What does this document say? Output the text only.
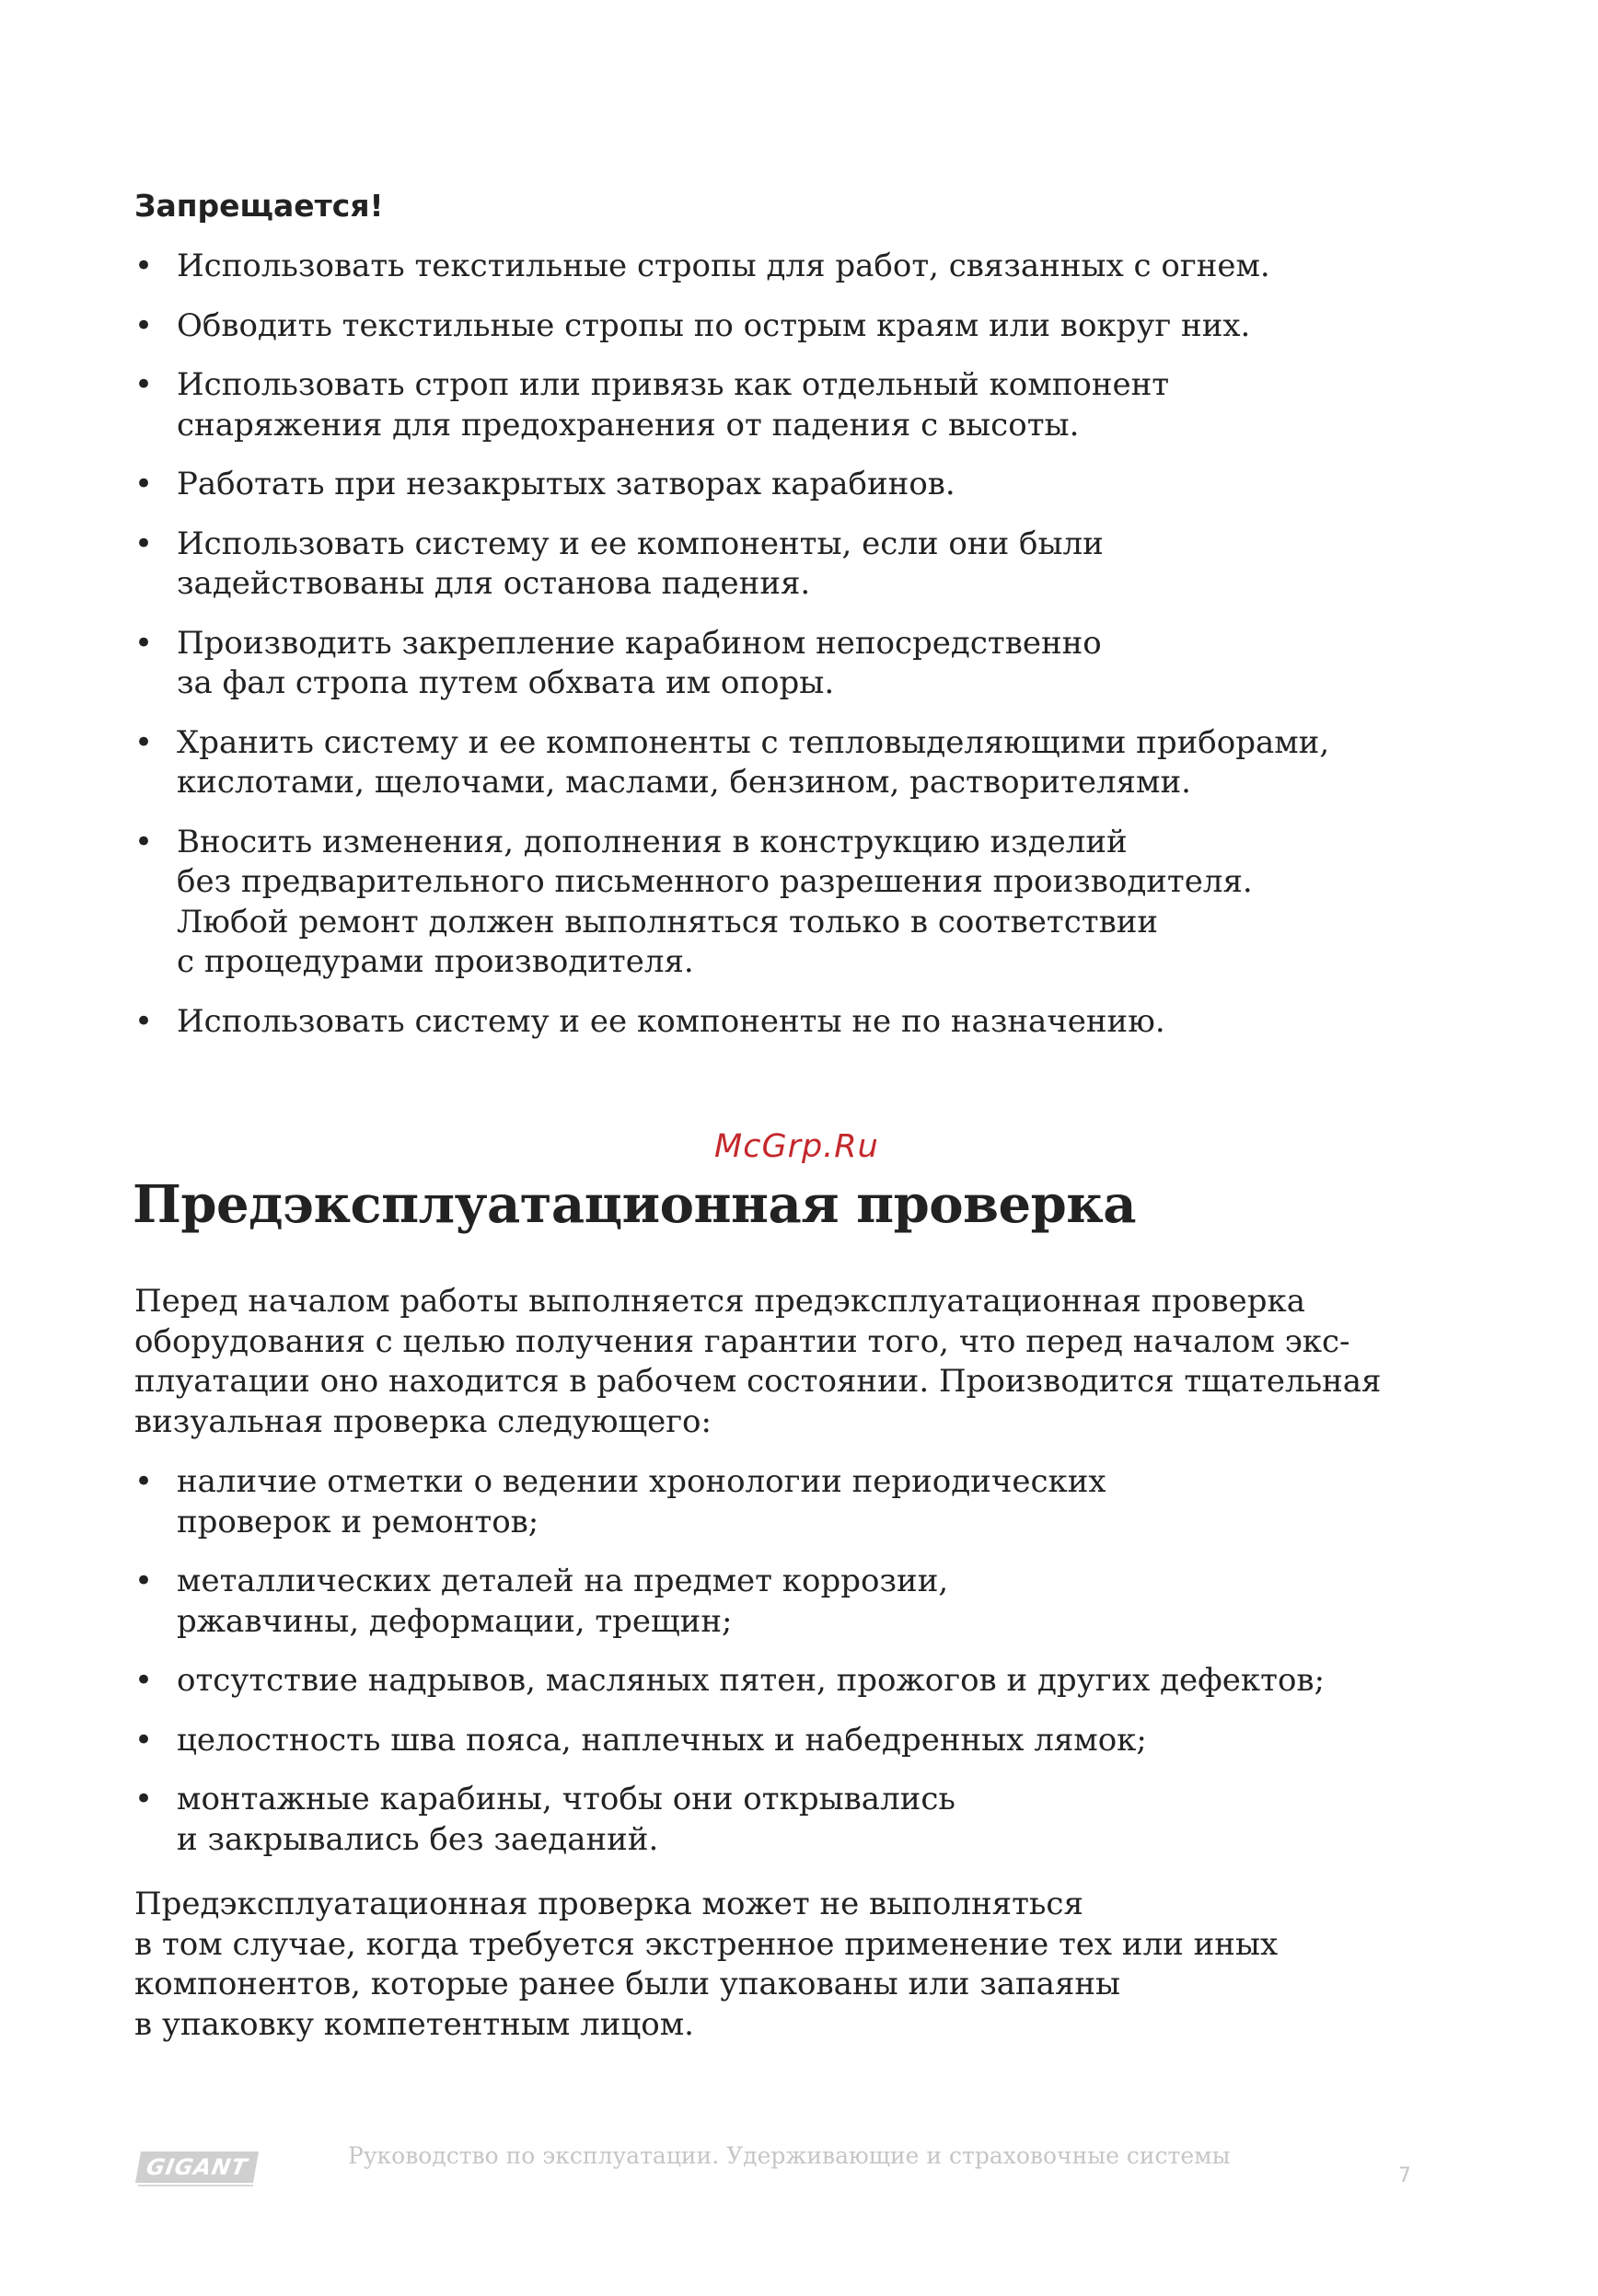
Запрещается!
• Использовать текстильные стропы для работ, связанных с огнем.
• Обводить текстильные стропы по острым краям или вокруг них.
• Использовать строп или привязь как отдельный компонент
снаряжения для предохранения от падения с высоты.
• Работать при незакрытых затворах карабинов.
• Использовать систему и ее компоненты, если они были
задействованы для останова падения.
• Производить закрепление карабином непосредственно
за фал стропа путем обхвата им опоры.
• Хранить систему и ее компоненты с тепловыделяющими приборами,
кислотами, щелочами, маслами, бензином, растворителями.
• Вносить изменения, дополнения в конструкцию изделий
без предварительного письменного разрешения производителя.
Любой ремонт должен выполняться только в соответствии
с процедурами производителя.
• Использовать систему и ее компоненты не по назначению.
McGrp.Ru
Предэксплуатационная проверка

Перед началом работы выполняется предэксплуатационная проверка
оборудования с целью получения гарантии того, что перед началом экс-
плуатации оно находится в рабочем состоянии. Производится тщательная
визуальная проверка следующего:

• наличие отметки о ведении хронологии периодических
проверок и ремонтов;
• металлических деталей на предмет коррозии,
ржавчины, деформации, трещин;
• отсутствие надрывов, масляных пятен, прожогов и других дефектов;
• целостность шва пояса, наплечных и набедренных лямок;
• монтажные карабины, чтобы они открывались
и закрывались без заеданий.

Предэксплуатационная проверка может не выполняться
в том случае, когда требуется экстренное применение тех или иных
компонентов, которые ранее были упакованы или запаяны
в упаковку компетентным лицом.

GIGANT	Руководство по эксплуатации. Удерживающие и страховочные системы
7
